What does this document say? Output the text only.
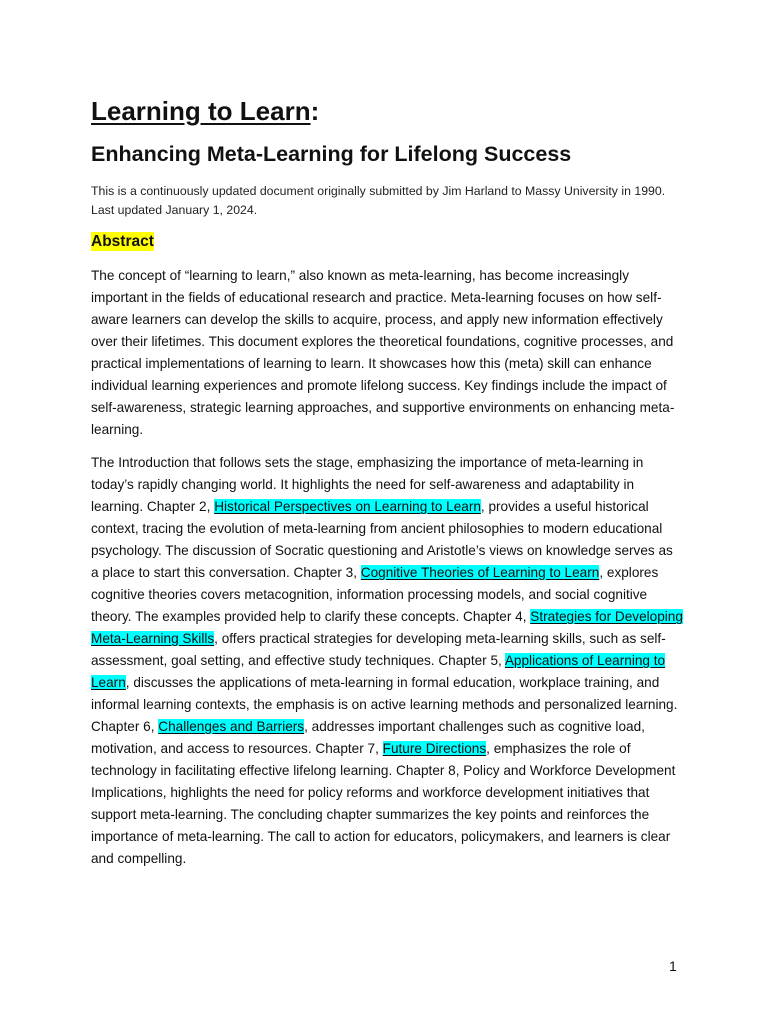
Learning to Learn:
Enhancing Meta-Learning for Lifelong Success

This is a continuously updated document originally submitted by Jim Harland to Massy University in 1990.
Last updated January 1, 2024.

Abstract

The concept of “learning to learn,” also known as meta-learning, has become increasingly important in the fields of educational research and practice. Meta-learning focuses on how self-aware learners can develop the skills to acquire, process, and apply new information effectively over their lifetimes. This document explores the theoretical foundations, cognitive processes, and practical implementations of learning to learn. It showcases how this (meta) skill can enhance individual learning experiences and promote lifelong success. Key findings include the impact of self-awareness, strategic learning approaches, and supportive environments on enhancing meta-learning.

The Introduction that follows sets the stage, emphasizing the importance of meta-learning in today’s rapidly changing world. It highlights the need for self-awareness and adaptability in learning. Chapter 2, Historical Perspectives on Learning to Learn, provides a useful historical context, tracing the evolution of meta-learning from ancient philosophies to modern educational psychology. The discussion of Socratic questioning and Aristotle’s views on knowledge serves as a place to start this conversation. Chapter 3, Cognitive Theories of Learning to Learn, explores cognitive theories covers metacognition, information processing models, and social cognitive theory. The examples provided help to clarify these concepts. Chapter 4, Strategies for Developing Meta-Learning Skills, offers practical strategies for developing meta-learning skills, such as self-assessment, goal setting, and effective study techniques. Chapter 5, Applications of Learning to Learn, discusses the applications of meta-learning in formal education, workplace training, and informal learning contexts, the emphasis is on active learning methods and personalized learning. Chapter 6, Challenges and Barriers, addresses important challenges such as cognitive load, motivation, and access to resources. Chapter 7, Future Directions, emphasizes the role of technology in facilitating effective lifelong learning. Chapter 8, Policy and Workforce Development Implications, highlights the need for policy reforms and workforce development initiatives that support meta-learning. The concluding chapter summarizes the key points and reinforces the importance of meta-learning. The call to action for educators, policymakers, and learners is clear and compelling.

1
